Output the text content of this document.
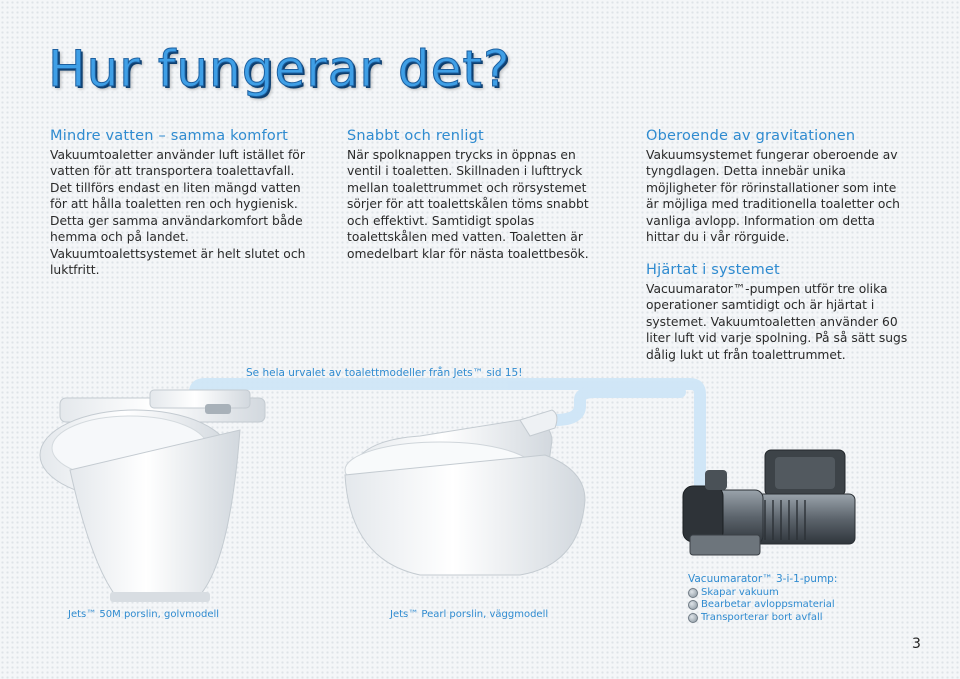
Hur fungerar det?
Mindre vatten – samma komfort

Vakuumtoaletter använder luft istället för vatten för att transportera toalettavfall. Det tillförs endast en liten mängd vatten för att hålla toaletten ren och hygienisk. Detta ger samma användarkomfort både hemma och på landet. Vakuumtoalettsystemet är helt slutet och luktfritt.

Snabbt och renligt

När spolknappen trycks in öppnas en ventil i toaletten. Skillnaden i lufttryck mellan toalettrummet och rörsystemet sörjer för att toalettskålen töms snabbt och effektivt. Samtidigt spolas toalettskålen med vatten. Toaletten är omedelbart klar för nästa toalettbesök.

Oberoende av gravitationen

Vakuumsystemet fungerar oberoende av tyngdlagen. Detta innebär unika möjligheter för rörinstallationer som inte är möjliga med traditionella toaletter och vanliga avlopp. Information om detta hittar du i vår rörguide.

Hjärtat i systemet

Vacuumarator™-pumpen utför tre olika operationer samtidigt och är hjärtat i systemet. Vakuumtoaletten använder 60 liter luft vid varje spolning. På så sätt sugs dålig lukt ut från toalettrummet.

Se hela urvalet av toalettmodeller från Jets™ sid 15!
Jets™ 50M porslin, golvmodell	Jets™ Pearl porslin, väggmodell
Vacuumarator™ 3-i-1-pump:
Skapar vakuum
Bearbetar avloppsmaterial
Transporterar bort avfall
3
